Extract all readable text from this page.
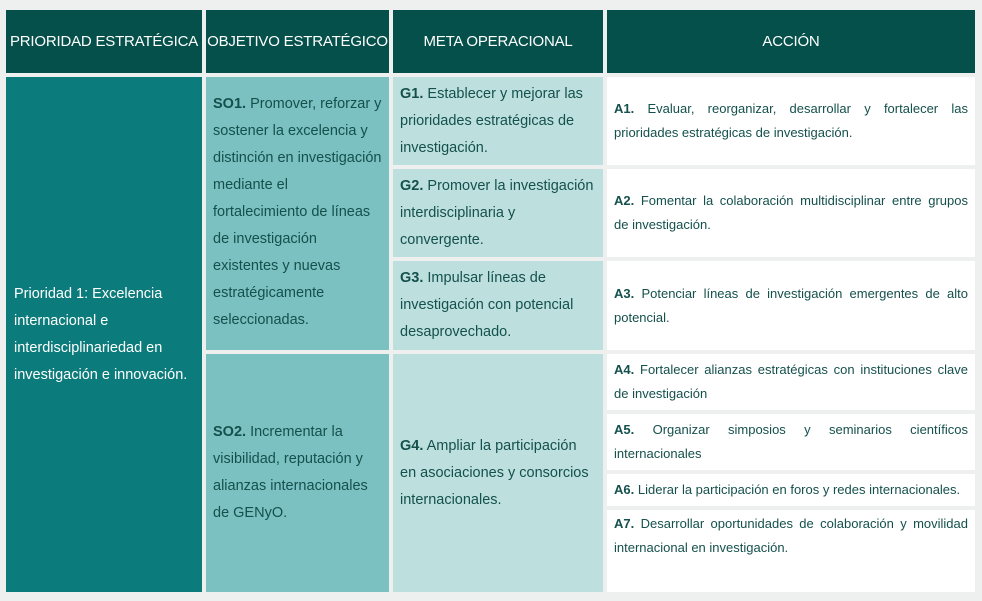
PRIORIDAD ESTRATÉGICA OBJETIVO ESTRATÉGICO	META OPERACIONAL	ACCIÓN
Prioridad 1: Excelencia internacional e interdisciplinariedad en investigación e innovación.
SO1. Promover, reforzar y sostener la excelencia y distinción en investigación mediante el fortalecimiento de líneas de investigación existentes y nuevas estratégicamente seleccionadas.
SO2. Incrementar la visibilidad, reputación y alianzas internacionales de GENyO.
G1. Establecer y mejorar las prioridades estratégicas de investigación.
G2. Promover la investigación interdisciplinaria y convergente.
G3. Impulsar líneas de investigación con potencial desaprovechado.
G4. Ampliar la participación en asociaciones y consorcios internacionales.
A1. Evaluar, reorganizar, desarrollar y fortalecer las prioridades estratégicas de investigación.
A2. Fomentar la colaboración multidisciplinar entre grupos de investigación.
A3. Potenciar líneas de investigación emergentes de alto potencial.
A4. Fortalecer alianzas estratégicas con instituciones clave de investigación
A5. Organizar simposios y seminarios científicos internacionales
A6. Liderar la participación en foros y redes internacionales.
A7. Desarrollar oportunidades de colaboración y movilidad internacional en investigación.
